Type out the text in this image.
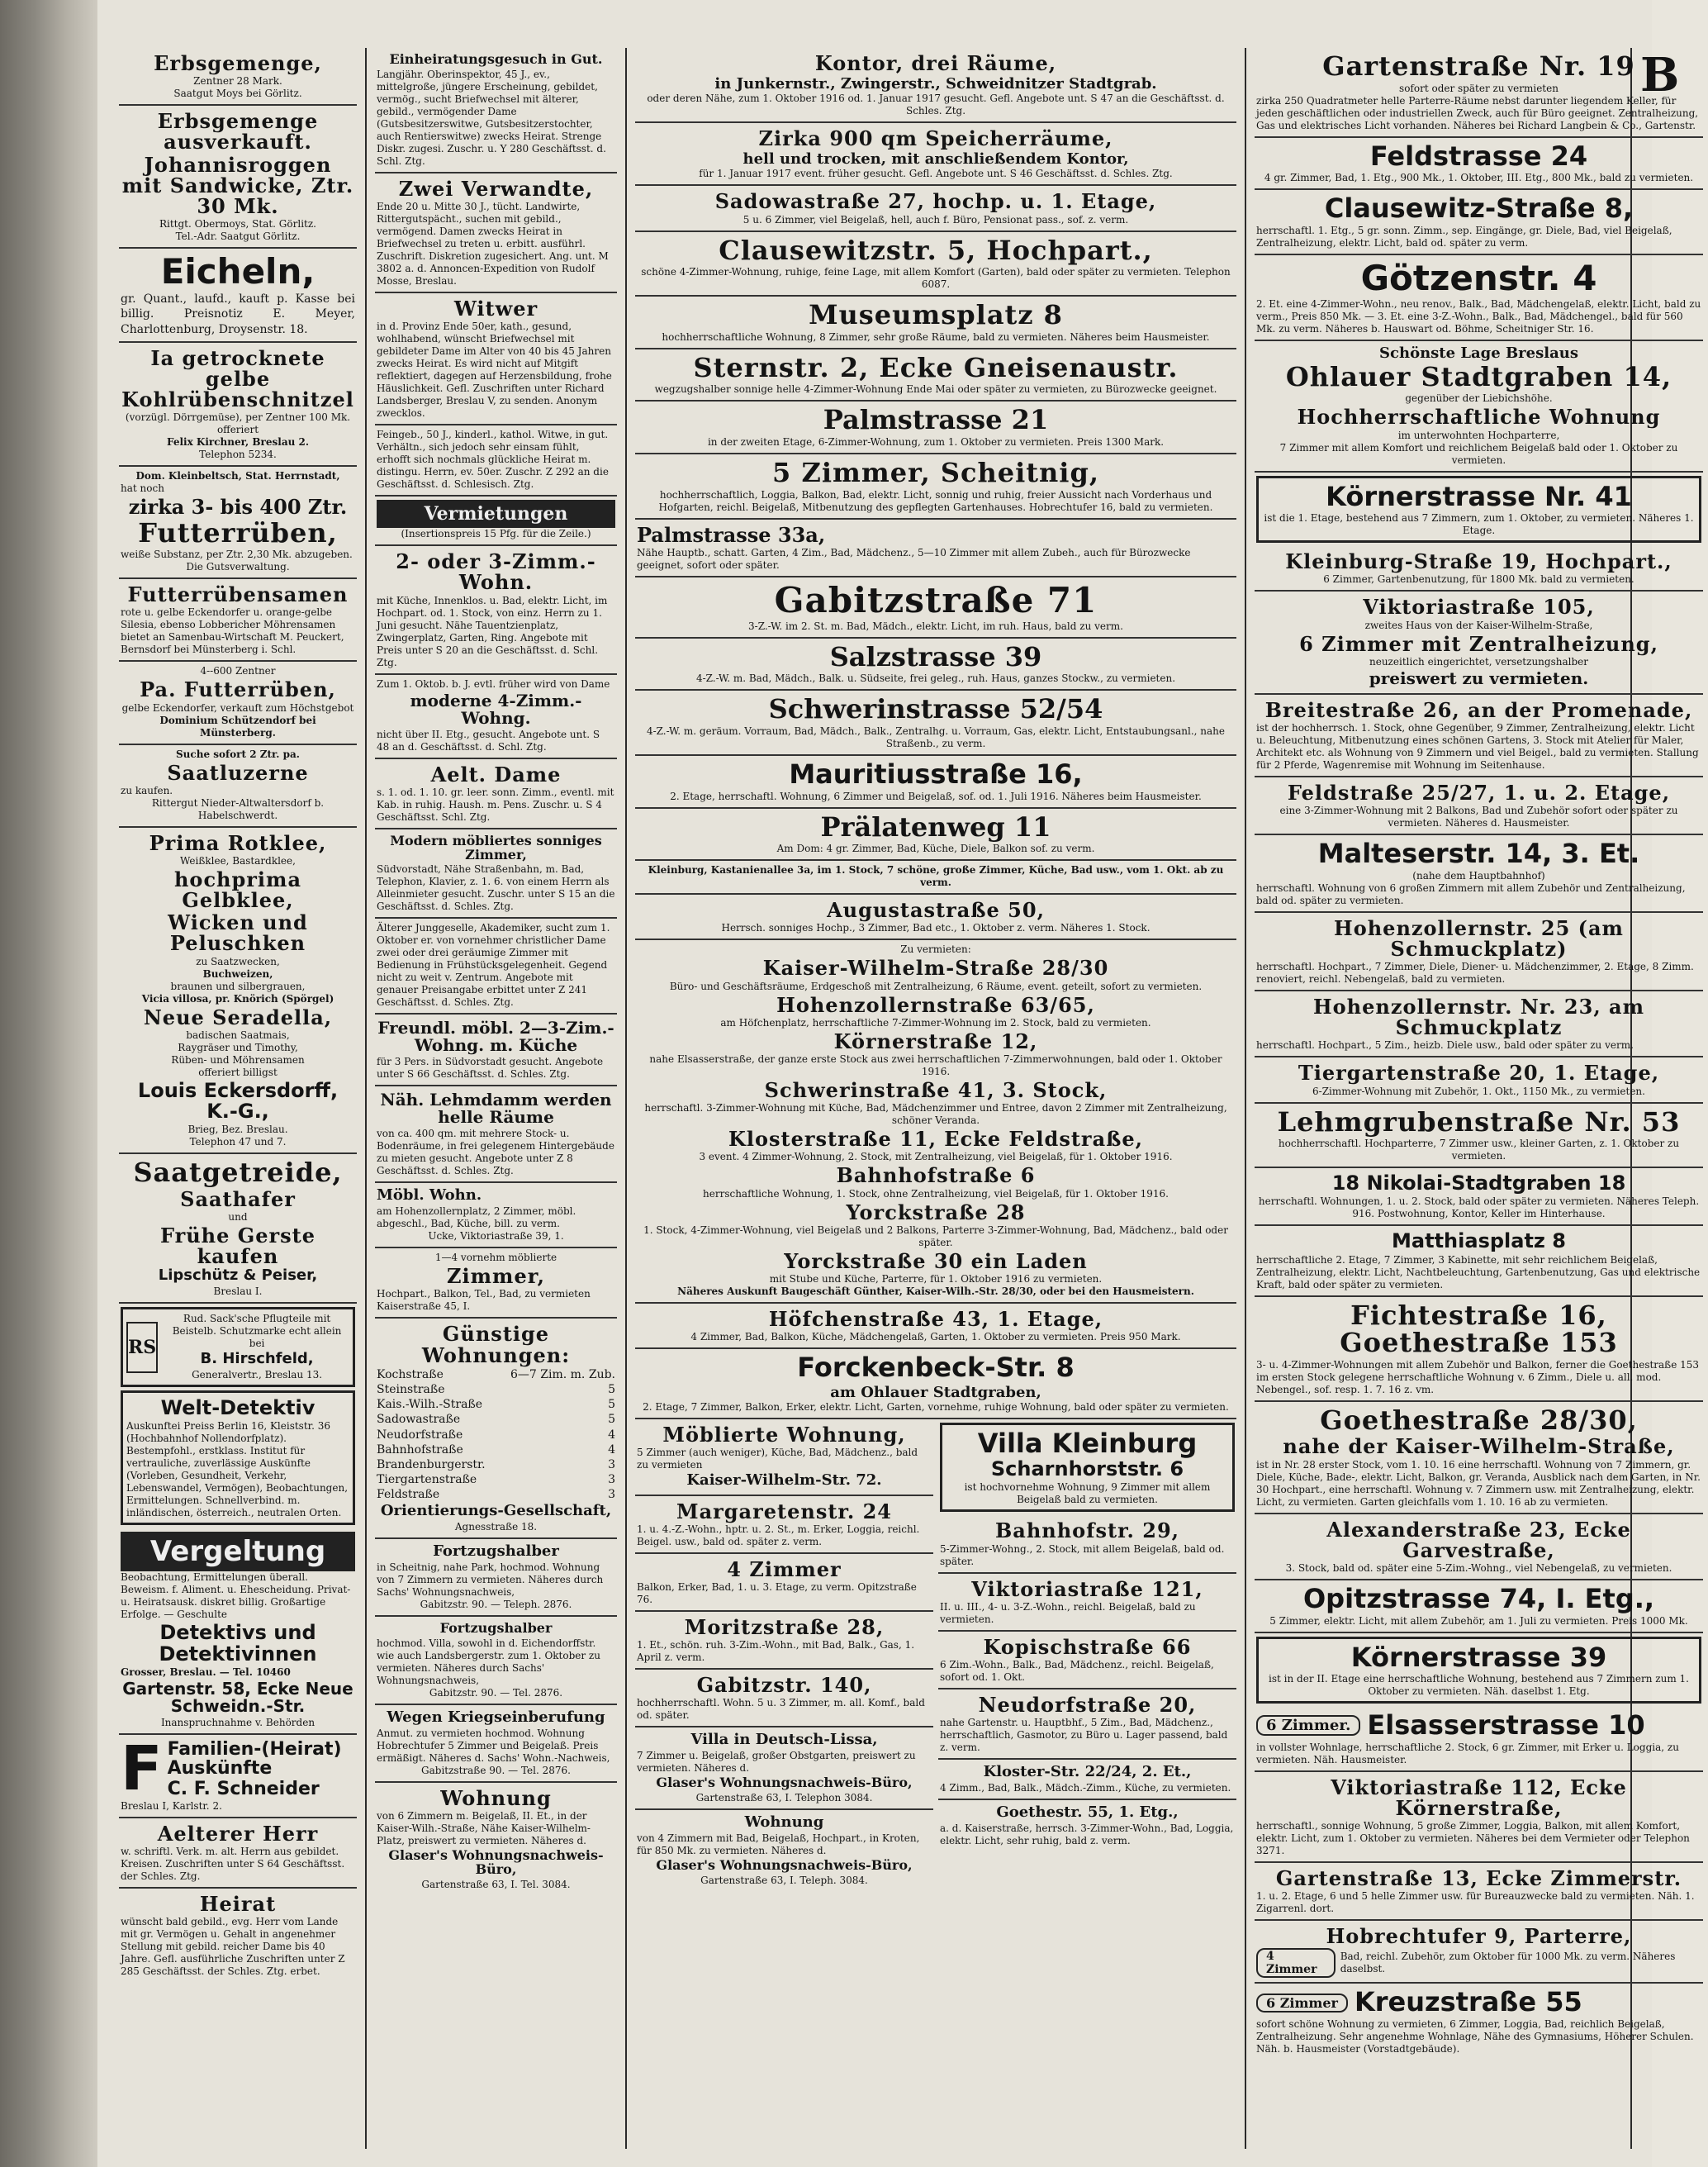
Erbsgemenge,
Zentner 28 Mark.
Saatgut Moys bei Görlitz.
Erbsgemenge ausverkauft.
Johannisroggen mit Sandwicke, Ztr. 30 Mk.
Rittgt. Obermoys, Stat. Görlitz.
Tel.-Adr. Saatgut Görlitz.
Eicheln,
gr. Quant., laufd., kauft p. Kasse bei billig. Preisnotiz E. Meyer, Charlottenburg, Droysenstr. 18.
Ia getrocknete gelbe Kohlrübenschnitzel
(vorzügl. Dörrgemüse), per Zentner 100 Mk. offeriert
Felix Kirchner, Breslau 2.
Telephon 5234.
Dom. Kleinbeltsch, Stat. Herrnstadt,
hat noch
zirka 3- bis 400 Ztr.
Futterrüben,
weiße Substanz, per Ztr. 2,30 Mk. abzugeben.
Die Gutsverwaltung.
Futterrübensamen
rote u. gelbe Eckendorfer u. orange-gelbe Silesia, ebenso Lobbericher Möhrensamen bietet an Samenbau-Wirtschaft M. Peuckert, Bernsdorf bei Münsterberg i. Schl.
4--600 Zentner
Pa. Futterrüben,
gelbe Eckendorfer, verkauft zum Höchstgebot
Dominium Schützendorf bei Münsterberg.
Suche sofort 2 Ztr. pa.
Saatluzerne
zu kaufen.
Rittergut Nieder-Altwaltersdorf b. Habelschwerdt.
Prima Rotklee,
Weißklee, Bastardklee,
hochprima Gelbklee,
Wicken und Peluschken
zu Saatzwecken,
Buchweizen,
braunen und silbergrauen,
Vicia villosa, pr. Knörich (Spörgel)
Neue Seradella,
badischen Saatmais,
Raygräser und Timothy,
Rüben- und Möhrensamen
offeriert billigst
Louis Eckersdorff, K.-G.,
Brieg, Bez. Breslau.
Telephon 47 und 7.
Saatgetreide,
Saathafer
und
Frühe Gerste kaufen
Lipschütz & Peiser,
Breslau I.
RS
Rud. Sack'sche Pflugteile mit Beistelb. Schutzmarke echt allein bei
B. Hirschfeld,
Generalvertr., Breslau 13.
Welt-Detektiv
Auskunftei Preiss Berlin 16, Kleiststr. 36 (Hochbahnhof Nollendorfplatz). Bestempfohl., erstklass. Institut für vertrauliche, zuverlässige Auskünfte (Vorleben, Gesundheit, Verkehr, Lebenswandel, Vermögen), Beobachtungen, Ermittelungen. Schnellverbind. m. inländischen, österreich., neutralen Orten.
Vergeltung
Beobachtung, Ermittelungen überall. Beweism. f. Aliment. u. Ehescheidung. Privat- u. Heiratsausk. diskret billig. Großartige Erfolge. — Geschulte
Detektivs und Detektivinnen
Grosser, Breslau. — Tel. 10460
Gartenstr. 58, Ecke Neue Schweidn.-Str.
Inanspruchnahme v. Behörden
F Familien-(Heirat) Auskünfte
C. F. Schneider
Breslau I, Karlstr. 2.
Aelterer Herr
w. schriftl. Verk. m. alt. Herrn aus gebildet. Kreisen. Zuschriften unter S 64 Geschäftsst. der Schles. Ztg.
Heirat
wünscht bald gebild., evg. Herr vom Lande mit gr. Vermögen u. Gehalt in angenehmer Stellung mit gebild. reicher Dame bis 40 Jahre. Gefl. ausführliche Zuschriften unter Z 285 Geschäftsst. der Schles. Ztg. erbet.
Einheiratungsgesuch in Gut.
Langjähr. Oberinspektor, 45 J., ev., mittelgroße, jüngere Erscheinung, gebildet, vermög., sucht Briefwechsel mit älterer, gebild., vermögender Dame (Gutsbesitzerswitwe, Gutsbesitzerstochter, auch Rentierswitwe) zwecks Heirat. Strenge Diskr. zugesi. Zuschr. u. Y 280 Geschäftsst. d. Schl. Ztg.
Zwei Verwandte,
Ende 20 u. Mitte 30 J., tücht. Landwirte, Rittergutspächt., suchen mit gebild., vermögend. Damen zwecks Heirat in Briefwechsel zu treten u. erbitt. ausführl. Zuschrift. Diskretion zugesichert. Ang. unt. M 3802 a. d. Annoncen-Expedition von Rudolf Mosse, Breslau.
Witwer
in d. Provinz Ende 50er, kath., gesund, wohlhabend, wünscht Briefwechsel mit gebildeter Dame im Alter von 40 bis 45 Jahren zwecks Heirat. Es wird nicht auf Mitgift reflektiert, dagegen auf Herzensbildung, frohe Häuslichkeit. Gefl. Zuschriften unter Richard Landsberger, Breslau V, zu senden. Anonym zwecklos.
Feingeb., 50 J., kinderl., kathol. Witwe, in gut. Verhältn., sich jedoch sehr einsam fühlt, erhofft sich nochmals glückliche Heirat m. distingu. Herrn, ev. 50er. Zuschr. Z 292 an die Geschäftsst. d. Schlesisch. Ztg.
Vermietungen
(Insertionspreis 15 Pfg. für die Zeile.)
2- oder 3-Zimm.-Wohn.
mit Küche, Innenklos. u. Bad, elektr. Licht, im Hochpart. od. 1. Stock, von einz. Herrn zu 1. Juni gesucht. Nähe Tauentzienplatz, Zwingerplatz, Garten, Ring. Angebote mit Preis unter S 20 an die Geschäftsst. d. Schl. Ztg.
Zum 1. Oktob. b. J. evtl. früher wird von Dame
moderne 4-Zimm.-Wohng.
nicht über II. Etg., gesucht. Angebote unt. S 48 an d. Geschäftsst. d. Schl. Ztg.
Aelt. Dame
s. 1. od. 1. 10. gr. leer. sonn. Zimm., eventl. mit Kab. in ruhig. Haush. m. Pens. Zuschr. u. S 4 Geschäftsst. Schl. Ztg.
Modern möbliertes sonniges Zimmer,
Südvorstadt, Nähe Straßenbahn, m. Bad, Telephon, Klavier, z. 1. 6. von einem Herrn als Alleinmieter gesucht. Zuschr. unter S 15 an die Geschäftsst. d. Schles. Ztg.
Älterer Junggeselle, Akademiker, sucht zum 1. Oktober er. von vornehmer christlicher Dame zwei oder drei geräumige Zimmer mit Bedienung in Frühstücksgelegenheit. Gegend nicht zu weit v. Zentrum. Angebote mit genauer Preisangabe erbittet unter Z 241 Geschäftsst. d. Schles. Ztg.
Freundl. möbl. 2—3-Zim.-Wohng. m. Küche
für 3 Pers. in Südvorstadt gesucht. Angebote unter S 66 Geschäftsst. d. Schles. Ztg.
Näh. Lehmdamm werden helle Räume
von ca. 400 qm. mit mehrere Stock- u. Bodenräume, in frei gelegenem Hintergebäude zu mieten gesucht. Angebote unter Z 8 Geschäftsst. d. Schles. Ztg.
Möbl. Wohn.
am Hohenzollernplatz, 2 Zimmer, möbl. abgeschl., Bad, Küche, bill. zu verm.
Ucke, Viktoriastraße 39, 1.
1—4 vornehm möblierte
Zimmer,
Hochpart., Balkon, Tel., Bad, zu vermieten Kaiserstraße 45, I.
Günstige Wohnungen:
Kochstraße	6—7 Zim. m. Zub.
Steinstraße	5
Kais.-Wilh.-Straße	5
Sadowastraße	5
Neudorfstraße	4
Bahnhofstraße	4
Brandenburgerstr.	3
Tiergartenstraße	3
Feldstraße	3
Orientierungs-Gesellschaft,
Agnesstraße 18.
Fortzugshalber
in Scheitnig, nahe Park, hochmod. Wohnung von 7 Zimmern zu vermieten. Näheres durch Sachs' Wohnungsnachweis,
Gabitzstr. 90. — Teleph. 2876.
Fortzugshalber
hochmod. Villa, sowohl in d. Eichendorffstr. wie auch Landsbergerstr. zum 1. Oktober zu vermieten. Näheres durch Sachs' Wohnungsnachweis,
Gabitzstr. 90. — Tel. 2876.
Wegen Kriegseinberufung
Anmut. zu vermieten hochmod. Wohnung Hobrechtufer 5 Zimmer und Beigelaß. Preis ermäßigt. Näheres d. Sachs' Wohn.-Nachweis,
Gabitzstraße 90. — Tel. 2876.
Wohnung
von 6 Zimmern m. Beigelaß, II. Et., in der Kaiser-Wilh.-Straße, Nähe Kaiser-Wilhelm-Platz, preiswert zu vermieten. Näheres d.
Glaser's Wohnungsnachweis-Büro,
Gartenstraße 63, I. Tel. 3084.
Kontor, drei Räume,
in Junkernstr., Zwingerstr., Schweidnitzer Stadtgrab.
oder deren Nähe, zum 1. Oktober 1916 od. 1. Januar 1917 gesucht. Gefl. Angebote unt. S 47 an die Geschäftsst. d. Schles. Ztg.
Zirka 900 qm Speicherräume,
hell und trocken, mit anschließendem Kontor,
für 1. Januar 1917 event. früher gesucht. Gefl. Angebote unt. S 46 Geschäftsst. d. Schles. Ztg.
Sadowastraße 27, hochp. u. 1. Etage,
5 u. 6 Zimmer, viel Beigelaß, hell, auch f. Büro, Pensionat pass., sof. z. verm.
Clausewitzstr. 5, Hochpart.,
schöne 4-Zimmer-Wohnung, ruhige, feine Lage, mit allem Komfort (Garten), bald oder später zu vermieten. Telephon 6087.
Museumsplatz 8
hochherrschaftliche Wohnung, 8 Zimmer, sehr große Räume, bald zu vermieten. Näheres beim Hausmeister.
Sternstr. 2, Ecke Gneisenaustr.
wegzugshalber sonnige helle 4-Zimmer-Wohnung Ende Mai oder später zu vermieten, zu Bürozwecke geeignet.
Palmstrasse 21
in der zweiten Etage, 6-Zimmer-Wohnung, zum 1. Oktober zu vermieten. Preis 1300 Mark.
5 Zimmer, Scheitnig,
hochherrschaftlich, Loggia, Balkon, Bad, elektr. Licht, sonnig und ruhig, freier Aussicht nach Vorderhaus und Hofgarten, reichl. Beigelaß, Mitbenutzung des gepflegten Gartenhauses. Hobrechtufer 16, bald zu vermieten.
Palmstrasse 33a,
Nähe Hauptb., schatt. Garten, 4 Zim., Bad, Mädchenz., 5—10 Zimmer mit allem Zubeh., auch für Bürozwecke geeignet, sofort oder später.
Gabitzstraße 71
3-Z.-W. im 2. St. m. Bad, Mädch., elektr. Licht, im ruh. Haus, bald zu verm.
Salzstrasse 39
4-Z.-W. m. Bad, Mädch., Balk. u. Südseite, frei geleg., ruh. Haus, ganzes Stockw., zu vermieten.
Schwerinstrasse 52/54
4-Z.-W. m. geräum. Vorraum, Bad, Mädch., Balk., Zentralhg. u. Vorraum, Gas, elektr. Licht, Entstaubungsanl., nahe Straßenb., zu verm.
Mauritiusstraße 16,
2. Etage, herrschaftl. Wohnung, 6 Zimmer und Beigelaß, sof. od. 1. Juli 1916. Näheres beim Hausmeister.
Prälatenweg 11
Am Dom: 4 gr. Zimmer, Bad, Küche, Diele, Balkon sof. zu verm.
Kleinburg, Kastanienallee 3a, im 1. Stock, 7 schöne, große Zimmer, Küche, Bad usw., vom 1. Okt. ab zu verm.
Augustastraße 50,
Herrsch. sonniges Hochp., 3 Zimmer, Bad etc., 1. Oktober z. verm. Näheres 1. Stock.
Zu vermieten:
Kaiser-Wilhelm-Straße 28/30
Büro- und Geschäftsräume, Erdgeschoß mit Zentralheizung, 6 Räume, event. geteilt, sofort zu vermieten.
Hohenzollernstraße 63/65,
am Höfchenplatz, herrschaftliche 7-Zimmer-Wohnung im 2. Stock, bald zu vermieten.
Körnerstraße 12,
nahe Elsasserstraße, der ganze erste Stock aus zwei herrschaftlichen 7-Zimmerwohnungen, bald oder 1. Oktober 1916.
Schwerinstraße 41, 3. Stock,
herrschaftl. 3-Zimmer-Wohnung mit Küche, Bad, Mädchenzimmer und Entree, davon 2 Zimmer mit Zentralheizung, schöner Veranda.
Klosterstraße 11, Ecke Feldstraße,
3 event. 4 Zimmer-Wohnung, 2. Stock, mit Zentralheizung, viel Beigelaß, für 1. Oktober 1916.
Bahnhofstraße 6
herrschaftliche Wohnung, 1. Stock, ohne Zentralheizung, viel Beigelaß, für 1. Oktober 1916.
Yorckstraße 28
1. Stock, 4-Zimmer-Wohnung, viel Beigelaß und 2 Balkons, Parterre 3-Zimmer-Wohnung, Bad, Mädchenz., bald oder später.
Yorckstraße 30 ein Laden
mit Stube und Küche, Parterre, für 1. Oktober 1916 zu vermieten.
Näheres Auskunft Baugeschäft Günther, Kaiser-Wilh.-Str. 28/30, oder bei den Hausmeistern.
Höfchenstraße 43, 1. Etage,
4 Zimmer, Bad, Balkon, Küche, Mädchengelaß, Garten, 1. Oktober zu vermieten. Preis 950 Mark.
Forckenbeck-Str. 8
am Ohlauer Stadtgraben,
2. Etage, 7 Zimmer, Balkon, Erker, elektr. Licht, Garten, vornehme, ruhige Wohnung, bald oder später zu vermieten.
Möblierte Wohnung,
5 Zimmer (auch weniger), Küche, Bad, Mädchenz., bald zu vermieten
Kaiser-Wilhelm-Str. 72.
Margaretenstr. 24
1. u. 4.-Z.-Wohn., hptr. u. 2. St., m. Erker, Loggia, reichl. Beigel. usw., bald od. später z. verm.
4 Zimmer
Balkon, Erker, Bad, 1. u. 3. Etage, zu verm. Opitzstraße 76.
Moritzstraße 28,
1. Et., schön. ruh. 3-Zim.-Wohn., mit Bad, Balk., Gas, 1. April z. verm.
Gabitzstr. 140,
hochherrschaftl. Wohn. 5 u. 3 Zimmer, m. all. Komf., bald od. später.
Villa in Deutsch-Lissa,
7 Zimmer u. Beigelaß, großer Obstgarten, preiswert zu vermieten. Näheres d.
Glaser's Wohnungsnachweis-Büro,
Gartenstraße 63, I. Telephon 3084.
Wohnung
von 4 Zimmern mit Bad, Beigelaß, Hochpart., in Kroten, für 850 Mk. zu vermieten. Näheres d.
Glaser's Wohnungsnachweis-Büro,
Gartenstraße 63, I. Teleph. 3084.
Villa Kleinburg
Scharnhorststr. 6
ist hochvornehme Wohnung, 9 Zimmer mit allem Beigelaß bald zu vermieten.
Bahnhofstr. 29,
5-Zimmer-Wohng., 2. Stock, mit allem Beigelaß, bald od. später.
Viktoriastraße 121,
II. u. III., 4- u. 3-Z.-Wohn., reichl. Beigelaß, bald zu vermieten.
Kopischstraße 66
6 Zim.-Wohn., Balk., Bad, Mädchenz., reichl. Beigelaß, sofort od. 1. Okt.
Neudorfstraße 20,
nahe Gartenstr. u. Hauptbhf., 5 Zim., Bad, Mädchenz., herrschaftlich, Gasmotor, zu Büro u. Lager passend, bald z. verm.
Kloster-Str. 22/24, 2. Et.,
4 Zimm., Bad, Balk., Mädch.-Zimm., Küche, zu vermieten.
Goethestr. 55, 1. Etg.,
a. d. Kaiserstraße, herrsch. 3-Zimmer-Wohn., Bad, Loggia, elektr. Licht, sehr ruhig, bald z. verm.
Gartenstraße Nr. 19
sofort oder später zu vermieten
zirka 250 Quadratmeter helle Parterre-Räume nebst darunter liegendem Keller, für jeden geschäftlichen oder industriellen Zweck, auch für Büro geeignet. Zentralheizung, Gas und elektrisches Licht vorhanden. Näheres bei Richard Langbein & Co., Gartenstr.
Feldstrasse 24
4 gr. Zimmer, Bad, 1. Etg., 900 Mk., 1. Oktober, III. Etg., 800 Mk., bald zu vermieten.
Clausewitz-Straße 8,
herrschaftl. 1. Etg., 5 gr. sonn. Zimm., sep. Eingänge, gr. Diele, Bad, viel Beigelaß, Zentralheizung, elektr. Licht, bald od. später zu verm.
Götzenstr. 4
2. Et. eine 4-Zimmer-Wohn., neu renov., Balk., Bad, Mädchengelaß, elektr. Licht, bald zu verm., Preis 850 Mk. — 3. Et. eine 3-Z.-Wohn., Balk., Bad, Mädchengel., bald für 560 Mk. zu verm. Näheres b. Hauswart od. Böhme, Scheitniger Str. 16.
Schönste Lage Breslaus
Ohlauer Stadtgraben 14,
gegenüber der Liebichshöhe.
Hochherrschaftliche Wohnung
im unterwohnten Hochparterre,
7 Zimmer mit allem Komfort und reichlichem Beigelaß bald oder 1. Oktober zu vermieten.
Körnerstrasse Nr. 41
ist die 1. Etage, bestehend aus 7 Zimmern, zum 1. Oktober, zu vermieten. Näheres 1. Etage.
Kleinburg-Straße 19, Hochpart.,
6 Zimmer, Gartenbenutzung, für 1800 Mk. bald zu vermieten.
Viktoriastraße 105,
zweites Haus von der Kaiser-Wilhelm-Straße,
6 Zimmer mit Zentralheizung,
neuzeitlich eingerichtet, versetzungshalber
preiswert zu vermieten.
Breitestraße 26, an der Promenade,
ist der hochherrsch. 1. Stock, ohne Gegenüber, 9 Zimmer, Zentralheizung, elektr. Licht u. Beleuchtung, Mitbenutzung eines schönen Gartens, 3. Stock mit Atelier für Maler, Architekt etc. als Wohnung von 9 Zimmern und viel Beigel., bald zu vermieten. Stallung für 2 Pferde, Wagenremise mit Wohnung im Seitenhause.
Feldstraße 25/27, 1. u. 2. Etage,
eine 3-Zimmer-Wohnung mit 2 Balkons, Bad und Zubehör sofort oder später zu vermieten. Näheres d. Hausmeister.
Malteserstr. 14, 3. Et.
(nahe dem Hauptbahnhof)
herrschaftl. Wohnung von 6 großen Zimmern mit allem Zubehör und Zentralheizung, bald od. später zu vermieten.
Hohenzollernstr. 25 (am Schmuckplatz)
herrschaftl. Hochpart., 7 Zimmer, Diele, Diener- u. Mädchenzimmer, 2. Etage, 8 Zimm. renoviert, reichl. Nebengelaß, bald zu vermieten.
Hohenzollernstr. Nr. 23, am Schmuckplatz
herrschaftl. Hochpart., 5 Zim., heizb. Diele usw., bald oder später zu verm.
Tiergartenstraße 20, 1. Etage,
6-Zimmer-Wohnung mit Zubehör, 1. Okt., 1150 Mk., zu vermieten.
Lehmgrubenstraße Nr. 53
hochherrschaftl. Hochparterre, 7 Zimmer usw., kleiner Garten, z. 1. Oktober zu vermieten.
18 Nikolai-Stadtgraben 18
herrschaftl. Wohnungen, 1. u. 2. Stock, bald oder später zu vermieten. Näheres Teleph. 916. Postwohnung, Kontor, Keller im Hinterhause.
Matthiasplatz 8
herrschaftliche 2. Etage, 7 Zimmer, 3 Kabinette, mit sehr reichlichem Beigelaß, Zentralheizung, elektr. Licht, Nachtbeleuchtung, Gartenbenutzung, Gas und elektrische Kraft, bald oder später zu vermieten.
Fichtestraße 16, Goethestraße 153
3- u. 4-Zimmer-Wohnungen mit allem Zubehör und Balkon, ferner die Goethestraße 153 im ersten Stock gelegene herrschaftliche Wohnung v. 6 Zimm., Diele u. all. mod. Nebengel., sof. resp. 1. 7. 16 z. vm.
Goethestraße 28/30,
nahe der Kaiser-Wilhelm-Straße,
ist in Nr. 28 erster Stock, vom 1. 10. 16 eine herrschaftl. Wohnung von 7 Zimmern, gr. Diele, Küche, Bade-, elektr. Licht, Balkon, gr. Veranda, Ausblick nach dem Garten, in Nr. 30 Hochpart., eine herrschaftl. Wohnung v. 7 Zimmern usw. mit Zentralheizung, elektr. Licht, zu vermieten. Garten gleichfalls vom 1. 10. 16 ab zu vermieten.
Alexanderstraße 23, Ecke Garvestraße,
3. Stock, bald od. später eine 5-Zim.-Wohng., viel Nebengelaß, zu vermieten.
Opitzstrasse 74, I. Etg.,
5 Zimmer, elektr. Licht, mit allem Zubehör, am 1. Juli zu vermieten. Preis 1000 Mk.
Körnerstrasse 39
ist in der II. Etage eine herrschaftliche Wohnung, bestehend aus 7 Zimmern zum 1. Oktober zu vermieten. Näh. daselbst 1. Etg.
6 Zimmer. Elsasserstrasse 10
in vollster Wohnlage, herrschaftliche 2. Stock, 6 gr. Zimmer, mit Erker u. Loggia, zu vermieten. Näh. Hausmeister.
Viktoriastraße 112, Ecke Körnerstraße,
herrschaftl., sonnige Wohnung, 5 große Zimmer, Loggia, Balkon, mit allem Komfort, elektr. Licht, zum 1. Oktober zu vermieten. Näheres bei dem Vermieter oder Telephon 3271.
Gartenstraße 13, Ecke Zimmerstr.
1. u. 2. Etage, 6 und 5 helle Zimmer usw. für Bureauzwecke bald zu vermieten. Näh. 1. Zigarrenl. dort.
Hobrechtufer 9, Parterre,
4 Zimmer
Bad, reichl. Zubehör, zum Oktober für 1000 Mk. zu verm. Näheres daselbst.
6 Zimmer Kreuzstraße 55
sofort schöne Wohnung zu vermieten, 6 Zimmer, Loggia, Bad, reichlich Beigelaß, Zentralheizung. Sehr angenehme Wohnlage, Nähe des Gymnasiums, Höherer Schulen. Näh. b. Hausmeister (Vorstadtgebäude).
B
